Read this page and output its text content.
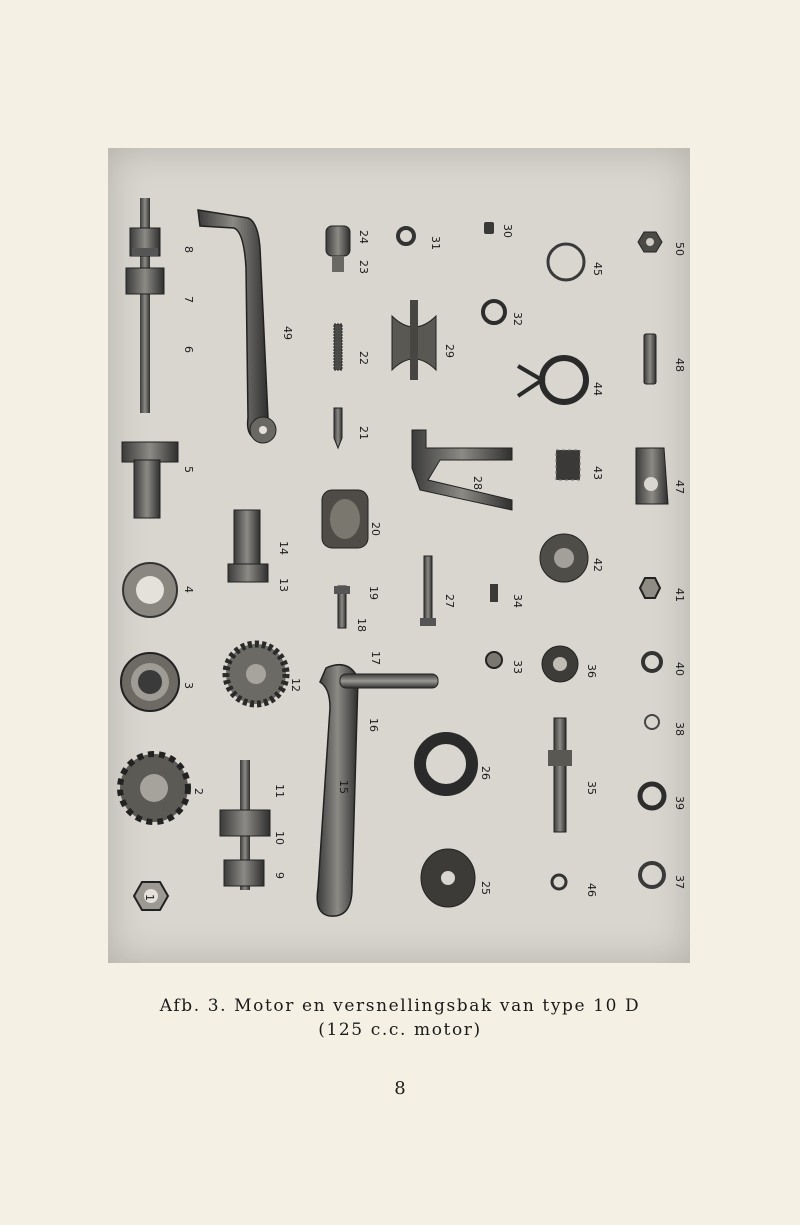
1
2
3
4
5
6
7
8
9
10
11
12
13
14
15
16
17
18
19
20
21
22
23
24
25
26
27
28
29
30
31
32
33
34
35
36
37
38
39
40
41
42
43
44
45
46
47
48
49
50
Afb. 3. Motor en versnellingsbak van type 10 D
(125 c.c. motor)
8
